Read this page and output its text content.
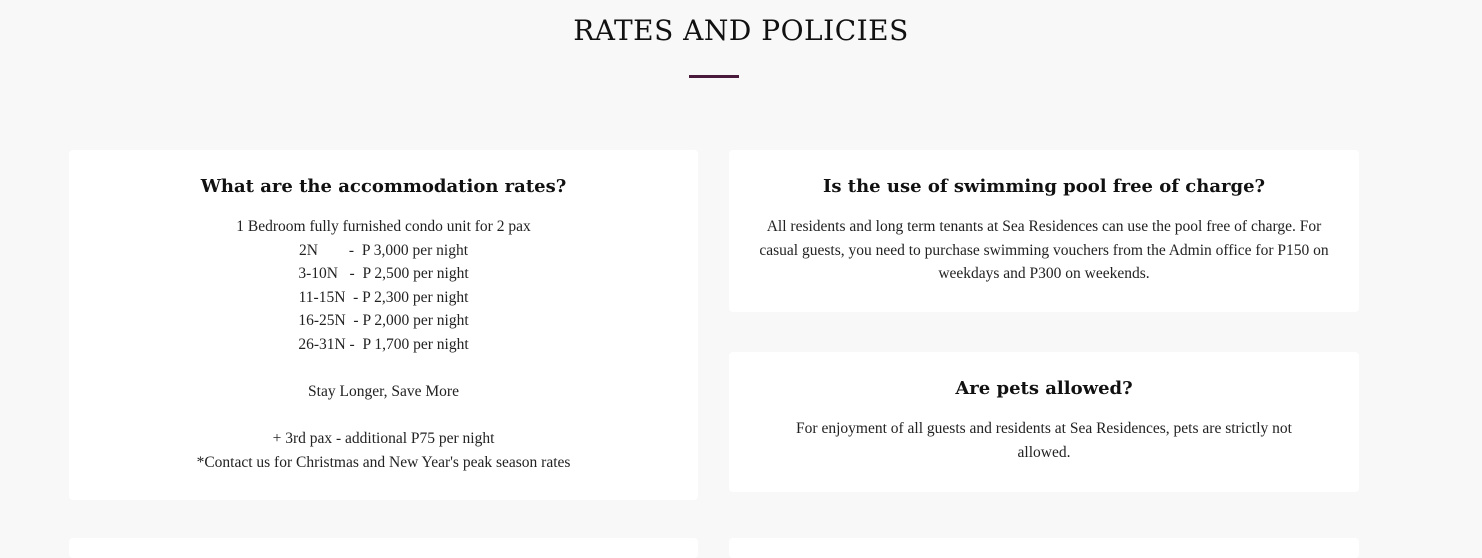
RATES AND POLICIES
What are the accommodation rates?
1 Bedroom fully furnished condo unit for 2 pax
2N        -  P 3,000 per night
3-10N   -  P 2,500 per night
11-15N  - P 2,300 per night
16-25N  - P 2,000 per night
26-31N -  P 1,700 per night
Stay Longer, Save More
+ 3rd pax - additional P75 per night
*Contact us for Christmas and New Year's peak season rates
Is the use of swimming pool free of charge?

All residents and long term tenants at Sea Residences can use the pool free of charge. For casual guests, you need to purchase swimming vouchers from the Admin office for P150 on weekdays and P300 on weekends.

Are pets allowed?

For enjoyment of all guests and residents at Sea Residences, pets are strictly not allowed.
